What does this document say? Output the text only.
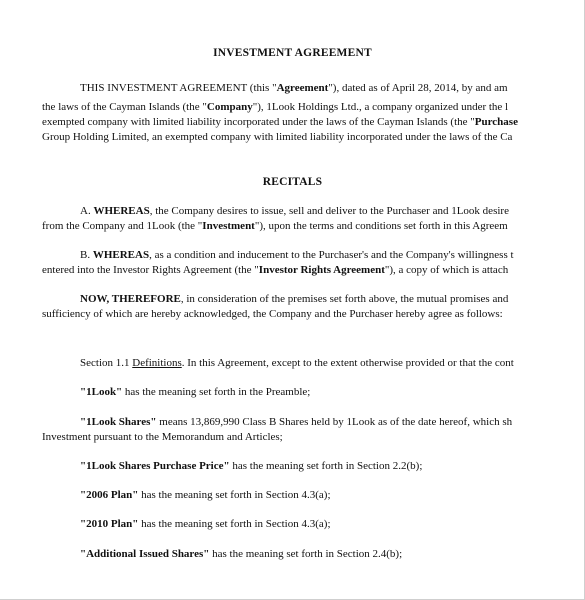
INVESTMENT AGREEMENT
THIS INVESTMENT AGREEMENT (this "Agreement"), dated as of April 28, 2014, by and am
the laws of the Cayman Islands (the "Company"), 1Look Holdings Ltd., a company organized under the l
exempted company with limited liability incorporated under the laws of the Cayman Islands (the "Purchase
Group Holding Limited, an exempted company with limited liability incorporated under the laws of the Ca
RECITALS
A. WHEREAS, the Company desires to issue, sell and deliver to the Purchaser and 1Look desire
from the Company and 1Look (the "Investment"), upon the terms and conditions set forth in this Agreem
B. WHEREAS, as a condition and inducement to the Purchaser's and the Company's willingness t
entered into the Investor Rights Agreement (the "Investor Rights Agreement"), a copy of which is attach
NOW, THEREFORE, in consideration of the premises set forth above, the mutual promises and
sufficiency of which are hereby acknowledged, the Company and the Purchaser hereby agree as follows:
Section 1.1 Definitions. In this Agreement, except to the extent otherwise provided or that the cont
"1Look" has the meaning set forth in the Preamble;
"1Look Shares" means 13,869,990 Class B Shares held by 1Look as of the date hereof, which sh
Investment pursuant to the Memorandum and Articles;
"1Look Shares Purchase Price" has the meaning set forth in Section 2.2(b);
"2006 Plan" has the meaning set forth in Section 4.3(a);
"2010 Plan" has the meaning set forth in Section 4.3(a);
"Additional Issued Shares" has the meaning set forth in Section 2.4(b);
